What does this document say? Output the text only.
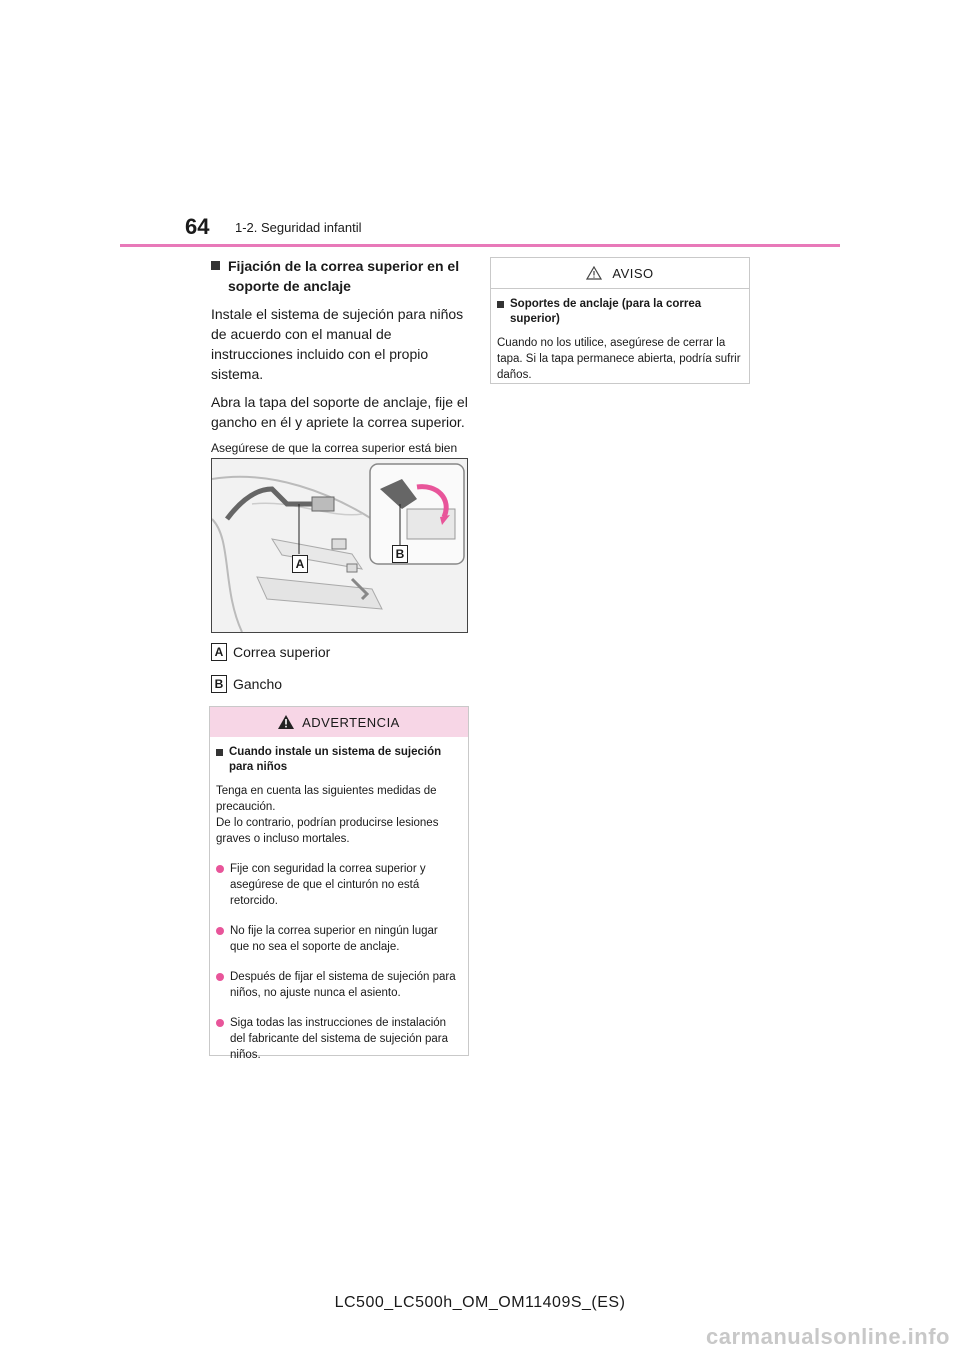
64 1-2. Seguridad infantil
Fijación de la correa superior en el soporte de anclaje
Instale el sistema de sujeción para niños de acuerdo con el manual de instrucciones incluido con el propio sistema.
Abra la tapa del soporte de anclaje, fije el gancho en él y apriete la correa superior.
Asegúrese de que la correa superior está bien
A
B
A Correa superior
B Gancho
ADVERTENCIA
Cuando instale un sistema de sujeción para niños
Tenga en cuenta las siguientes medidas de precaución.
De lo contrario, podrían producirse lesiones graves o incluso mortales.
Fije con seguridad la correa superior y asegúrese de que el cinturón no está retorcido.
No fije la correa superior en ningún lugar que no sea el soporte de anclaje.
Después de fijar el sistema de sujeción para niños, no ajuste nunca el asiento.
Siga todas las instrucciones de instalación del fabricante del sistema de sujeción para niños.
AVISO
Soportes de anclaje (para la correa superior)
Cuando no los utilice, asegúrese de cerrar la tapa. Si la tapa permanece abierta, podría sufrir daños.
LC500_LC500h_OM_OM11409S_(ES)
carmanualsonline.info
